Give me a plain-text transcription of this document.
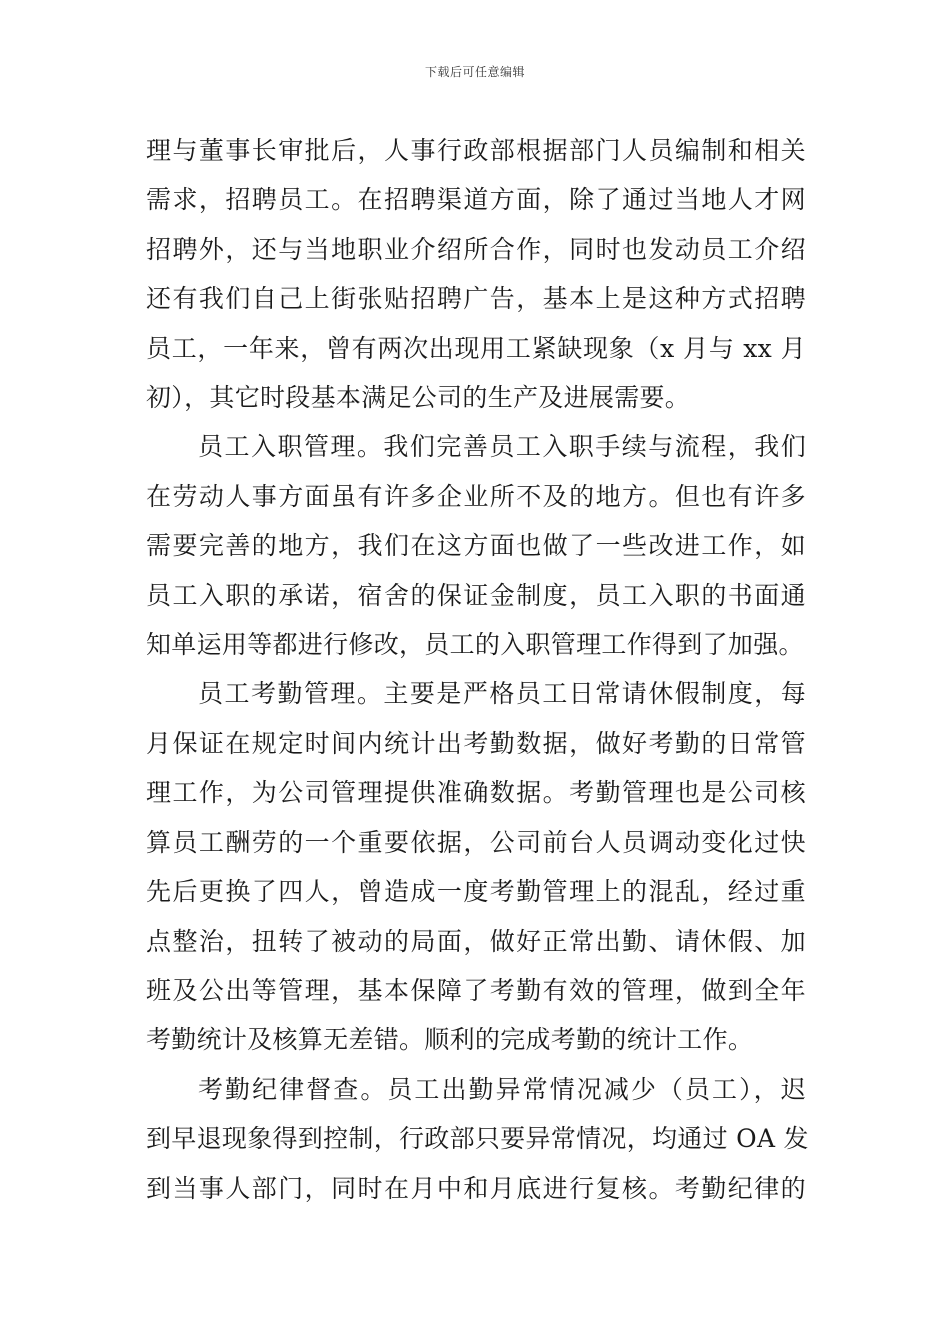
下载后可任意编辑
理与董事长审批后，人事行政部根据部门人员编制和相关
需求，招聘员工。在招聘渠道方面，除了通过当地人才网
招聘外，还与当地职业介绍所合作，同时也发动员工介绍
还有我们自己上街张贴招聘广告，基本上是这种方式招聘
员工，一年来，曾有两次出现用工紧缺现象（x 月与 xx 月
初），其它时段基本满足公司的生产及进展需要。
员工入职管理。我们完善员工入职手续与流程，我们
在劳动人事方面虽有许多企业所不及的地方。但也有许多
需要完善的地方，我们在这方面也做了一些改进工作，如
员工入职的承诺，宿舍的保证金制度，员工入职的书面通
知单运用等都进行修改，员工的入职管理工作得到了加强。
员工考勤管理。主要是严格员工日常请休假制度，每
月保证在规定时间内统计出考勤数据，做好考勤的日常管
理工作，为公司管理提供准确数据。考勤管理也是公司核
算员工酬劳的一个重要依据，公司前台人员调动变化过快
先后更换了四人，曾造成一度考勤管理上的混乱，经过重
点整治，扭转了被动的局面，做好正常出勤、请休假、加
班及公出等管理，基本保障了考勤有效的管理，做到全年
考勤统计及核算无差错。顺利的完成考勤的统计工作。
考勤纪律督查。员工出勤异常情况减少（员工），迟
到早退现象得到控制，行政部只要异常情况，均通过 OA 发
到当事人部门，同时在月中和月底进行复核。考勤纪律的
